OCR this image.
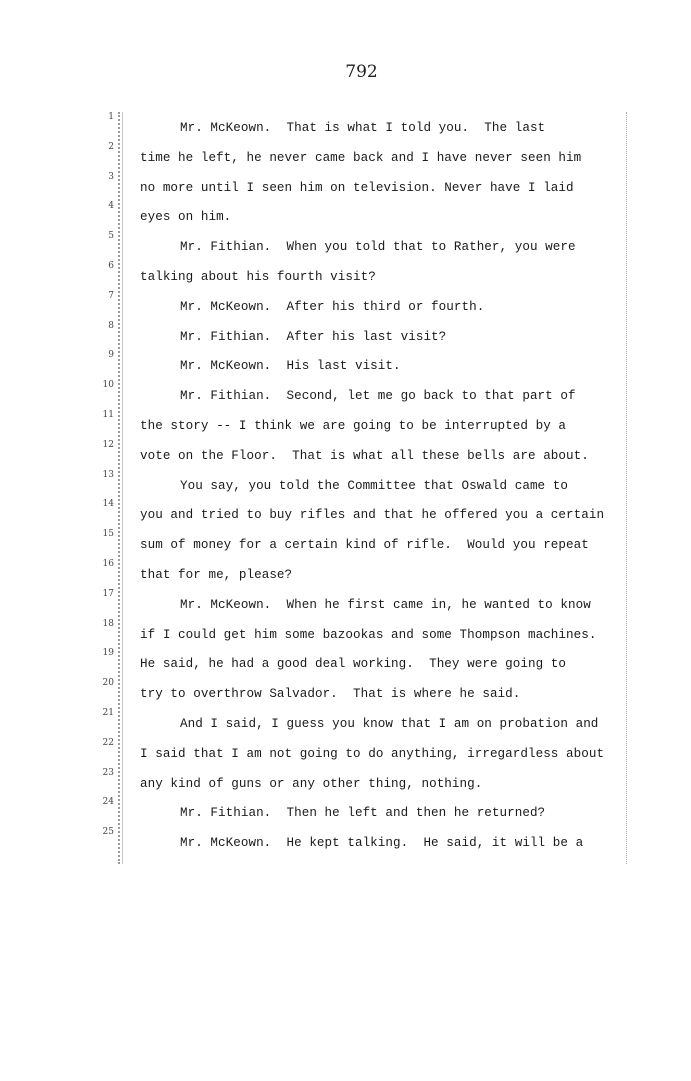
792
1
2
3
4
5
6
7
8
9
10
11
12
13
14
15
16
17
18
19
20
21
22
23
24
25
Mr. McKeown.  That is what I told you.  The last
time he left, he never came back and I have never seen him
no more until I seen him on television. Never have I laid
eyes on him.
Mr. Fithian.  When you told that to Rather, you were
talking about his fourth visit?
Mr. McKeown.  After his third or fourth.
Mr. Fithian.  After his last visit?
Mr. McKeown.  His last visit.
Mr. Fithian.  Second, let me go back to that part of
the story -- I think we are going to be interrupted by a
vote on the Floor.  That is what all these bells are about.
You say, you told the Committee that Oswald came to
you and tried to buy rifles and that he offered you a certain
sum of money for a certain kind of rifle.  Would you repeat
that for me, please?
Mr. McKeown.  When he first came in, he wanted to know
if I could get him some bazookas and some Thompson machines.
He said, he had a good deal working.  They were going to
try to overthrow Salvador.  That is where he said.
And I said, I guess you know that I am on probation and
I said that I am not going to do anything, irregardless about
any kind of guns or any other thing, nothing.
Mr. Fithian.  Then he left and then he returned?
Mr. McKeown.  He kept talking.  He said, it will be a
